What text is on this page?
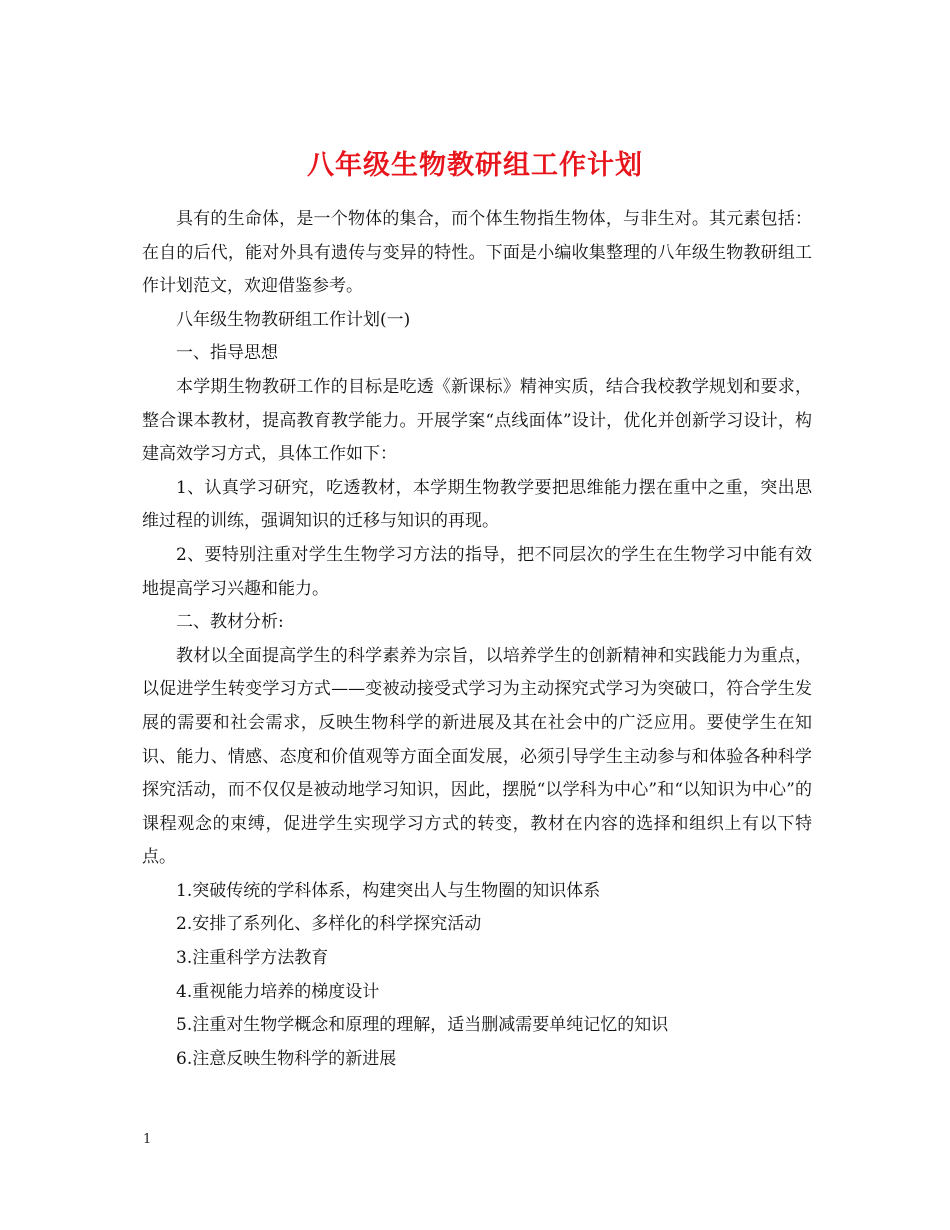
八年级生物教研组工作计划

具有的生命体，是一个物体的集合，而个体生物指生物体，与非生对。其元素包括：在自的后代，能对外具有遗传与变异的特性。下面是小编收集整理的八年级生物教研组工作计划范文，欢迎借鉴参考。

八年级生物教研组工作计划(一)

一、指导思想

本学期生物教研工作的目标是吃透《新课标》精神实质，结合我校教学规划和要求，整合课本教材，提高教育教学能力。开展学案“点线面体”设计，优化并创新学习设计，构建高效学习方式，具体工作如下：

1、认真学习研究，吃透教材，本学期生物教学要把思维能力摆在重中之重，突出思维过程的训练，强调知识的迁移与知识的再现。

2、要特别注重对学生生物学习方法的指导，把不同层次的学生在生物学习中能有效地提高学习兴趣和能力。

二、教材分析:

教材以全面提高学生的科学素养为宗旨，以培养学生的创新精神和实践能力为重点，以促进学生转变学习方式——变被动接受式学习为主动探究式学习为突破口，符合学生发展的需要和社会需求，反映生物科学的新进展及其在社会中的广泛应用。要使学生在知识、能力、情感、态度和价值观等方面全面发展，必须引导学生主动参与和体验各种科学探究活动，而不仅仅是被动地学习知识，因此，摆脱“以学科为中心”和“以知识为中心”的课程观念的束缚，促进学生实现学习方式的转变，教材在内容的选择和组织上有以下特点。

1.突破传统的学科体系，构建突出人与生物圈的知识体系

2.安排了系列化、多样化的科学探究活动

3.注重科学方法教育

4.重视能力培养的梯度设计

5.注重对生物学概念和原理的理解，适当删减需要单纯记忆的知识

6.注意反映生物科学的新进展

1
